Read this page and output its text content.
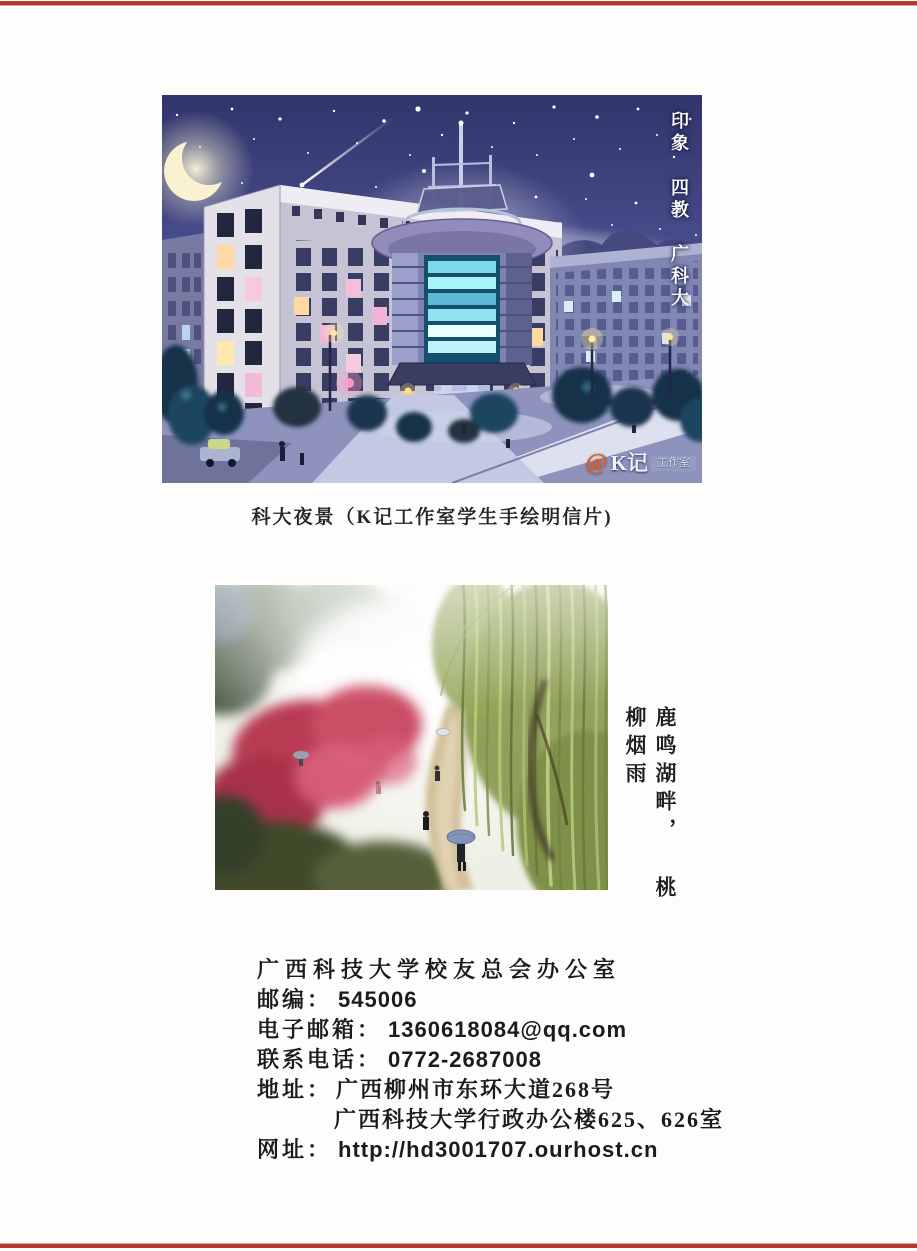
印象 四教 广科大
@ K记 工作室
科大夜景（K记工作室学生手绘明信片)
鹿鸣湖畔， 桃柳烟雨
广西科技大学校友总会办公室
邮编： 545006
电子邮箱： 1360618084@qq.com
联系电话： 0772-2687008
地址： 广西柳州市东环大道268号
广西科技大学行政办公楼625、626室
网址： http://hd3001707.ourhost.cn
